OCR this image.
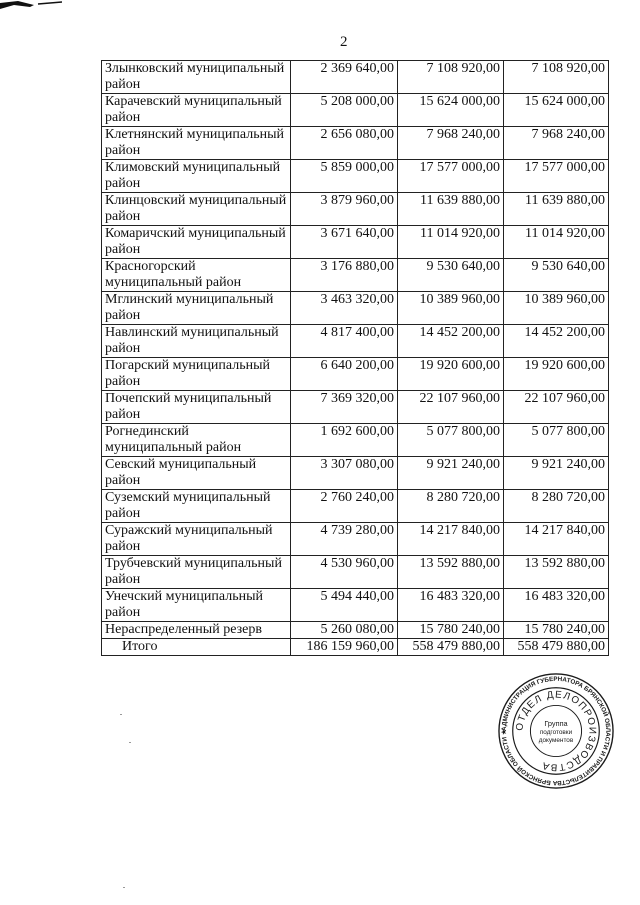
2
Злынковский муниципальный район	2 369 640,00	7 108 920,00	7 108 920,00
Карачевский муниципальный район	5 208 000,00	15 624 000,00	15 624 000,00
Клетнянский муниципальный район	2 656 080,00	7 968 240,00	7 968 240,00
Климовский муниципальный район	5 859 000,00	17 577 000,00	17 577 000,00
Клинцовский муниципальный район	3 879 960,00	11 639 880,00	11 639 880,00
Комаричский муниципальный район	3 671 640,00	11 014 920,00	11 014 920,00
Красногорский муниципальный район	3 176 880,00	9 530 640,00	9 530 640,00
Мглинский муниципальный район	3 463 320,00	10 389 960,00	10 389 960,00
Навлинский муниципальный район	4 817 400,00	14 452 200,00	14 452 200,00
Погарский муниципальный район	6 640 200,00	19 920 600,00	19 920 600,00
Почепский муниципальный район	7 369 320,00	22 107 960,00	22 107 960,00
Рогнединский муниципальный район	1 692 600,00	5 077 800,00	5 077 800,00
Севский муниципальный район	3 307 080,00	9 921 240,00	9 921 240,00
Суземский муниципальный район	2 760 240,00	8 280 720,00	8 280 720,00
Суражский муниципальный район	4 739 280,00	14 217 840,00	14 217 840,00
Трубчевский муниципальный район	4 530 960,00	13 592 880,00	13 592 880,00
Унечский муниципальный район	5 494 440,00	16 483 320,00	16 483 320,00
Нераспределенный резерв	5 260 080,00	15 780 240,00	15 780 240,00
Итого	186 159 960,00	558 479 880,00	558 479 880,00
АДМИНИСТРАЦИЯ ГУБЕРНАТОРА БРЯНСКОЙ ОБЛАСТИ И ПРАВИТЕЛЬСТВА БРЯНСКОЙ ОБЛАСТИ ★
ОТДЕЛ ДЕЛОПРОИЗВОДСТВА
Группа
подготовки
документов
